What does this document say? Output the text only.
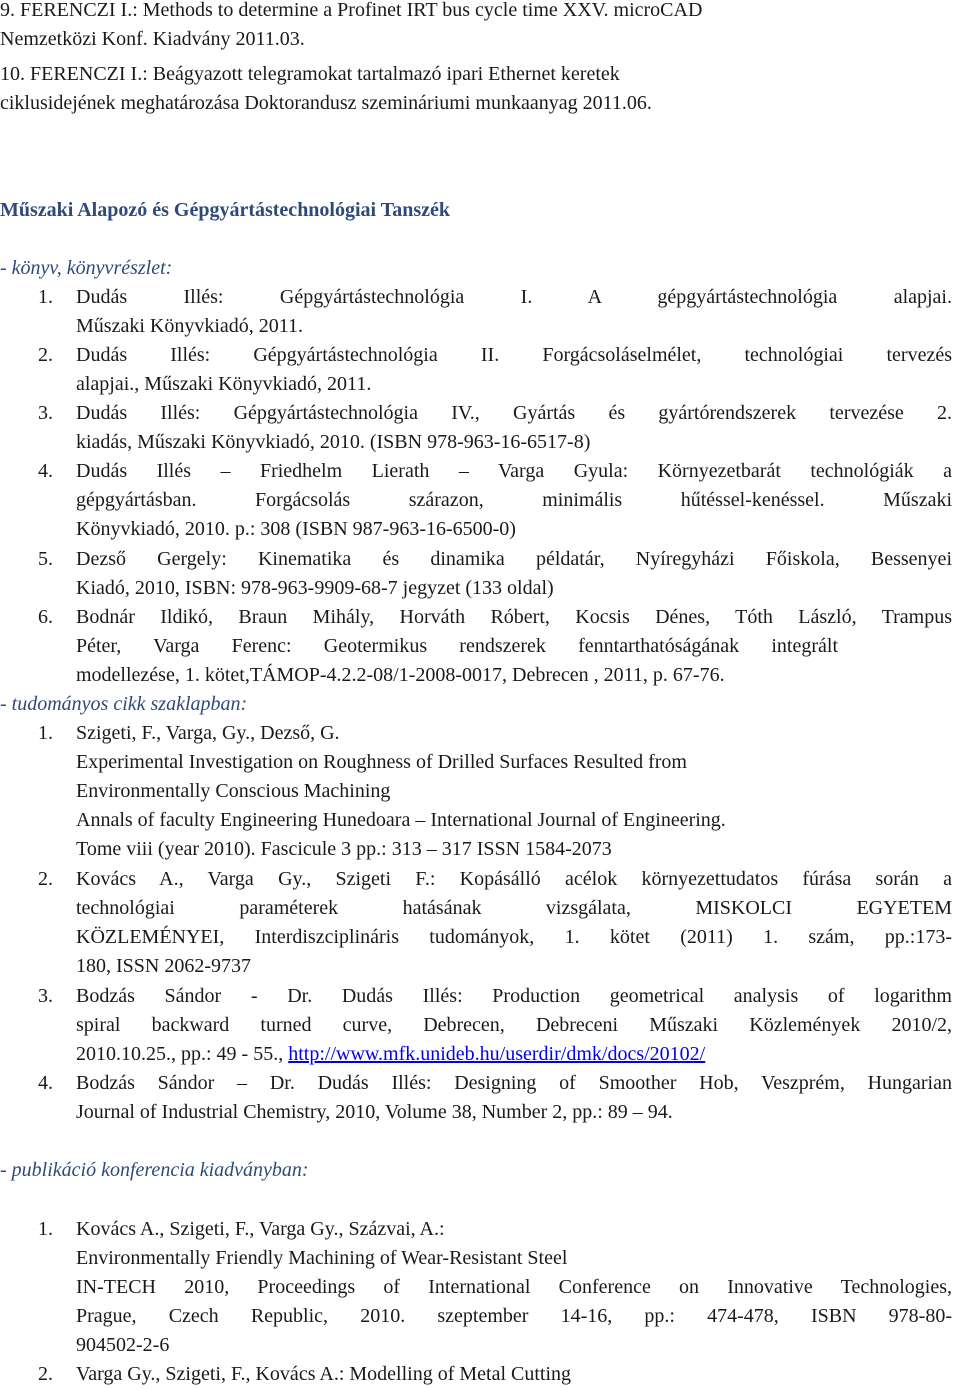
9. FERENCZI I.: Methods to determine a Profinet IRT bus cycle time XXV. microCAD
Nemzetközi Konf. Kiadvány 2011.03.
10. FERENCZI I.: Beágyazott telegramokat tartalmazó ipari Ethernet keretek
ciklusidejének meghatározása Doktorandusz szemináriumi munkaanyag 2011.06.
Műszaki Alapozó és Gépgyártástechnológiai Tanszék
- könyv, könyvrészlet:
1. Dudás Illés: Gépgyártástechnológia I. A gépgyártástechnológia alapjai.
Műszaki Könyvkiadó, 2011.
2. Dudás Illés: Gépgyártástechnológia II. Forgácsoláselmélet, technológiai tervezés
alapjai., Műszaki Könyvkiadó, 2011.
3. Dudás Illés: Gépgyártástechnológia IV., Gyártás és gyártórendszerek tervezése 2.
kiadás, Műszaki Könyvkiadó, 2010. (ISBN 978-963-16-6517-8)
4. Dudás Illés – Friedhelm Lierath – Varga Gyula: Környezetbarát technológiák a
gépgyártásban. Forgácsolás szárazon, minimális hűtéssel-kenéssel. Műszaki
Könyvkiadó, 2010. p.: 308 (ISBN 987-963-16-6500-0)
5. Dezső Gergely: Kinematika és dinamika példatár, Nyíregyházi Főiskola, Bessenyei
Kiadó, 2010, ISBN: 978-963-9909-68-7 jegyzet (133 oldal)
6. Bodnár Ildikó, Braun Mihály, Horváth Róbert, Kocsis Dénes, Tóth László, Trampus
Péter, Varga Ferenc: Geotermikus rendszerek fenntarthatóságának integrált
modellezése, 1. kötet,TÁMOP-4.2.2-08/1-2008-0017, Debrecen , 2011, p. 67-76.
- tudományos cikk szaklapban:
1. Szigeti, F., Varga, Gy., Dezső, G.
Experimental Investigation on Roughness of Drilled Surfaces Resulted from
Environmentally Conscious Machining
Annals of faculty Engineering Hunedoara – International Journal of Engineering.
Tome viii (year 2010). Fascicule 3 pp.: 313 – 317 ISSN 1584-2073
2. Kovács A., Varga Gy., Szigeti F.: Kopásálló acélok környezettudatos fúrása során a
technológiai paraméterek hatásának vizsgálata, MISKOLCI EGYETEM
KÖZLEMÉNYEI, Interdiszciplináris tudományok, 1. kötet (2011) 1. szám, pp.:173-
180, ISSN 2062-9737
3. Bodzás Sándor - Dr. Dudás Illés: Production geometrical analysis of logarithm
spiral backward turned curve, Debrecen, Debreceni Műszaki Közlemények 2010/2,
2010.10.25., pp.: 49 - 55., http://www.mfk.unideb.hu/userdir/dmk/docs/20102/
4. Bodzás Sándor – Dr. Dudás Illés: Designing of Smoother Hob, Veszprém, Hungarian
Journal of Industrial Chemistry, 2010, Volume 38, Number 2, pp.: 89 – 94.
- publikáció konferencia kiadványban:
1. Kovács A., Szigeti, F., Varga Gy., Százvai, A.:
Environmentally Friendly Machining of Wear-Resistant Steel
IN-TECH 2010, Proceedings of International Conference on Innovative Technologies,
Prague, Czech Republic, 2010. szeptember 14-16, pp.: 474-478, ISBN 978-80-
904502-2-6
2. Varga Gy., Szigeti, F., Kovács A.: Modelling of Metal Cutting
